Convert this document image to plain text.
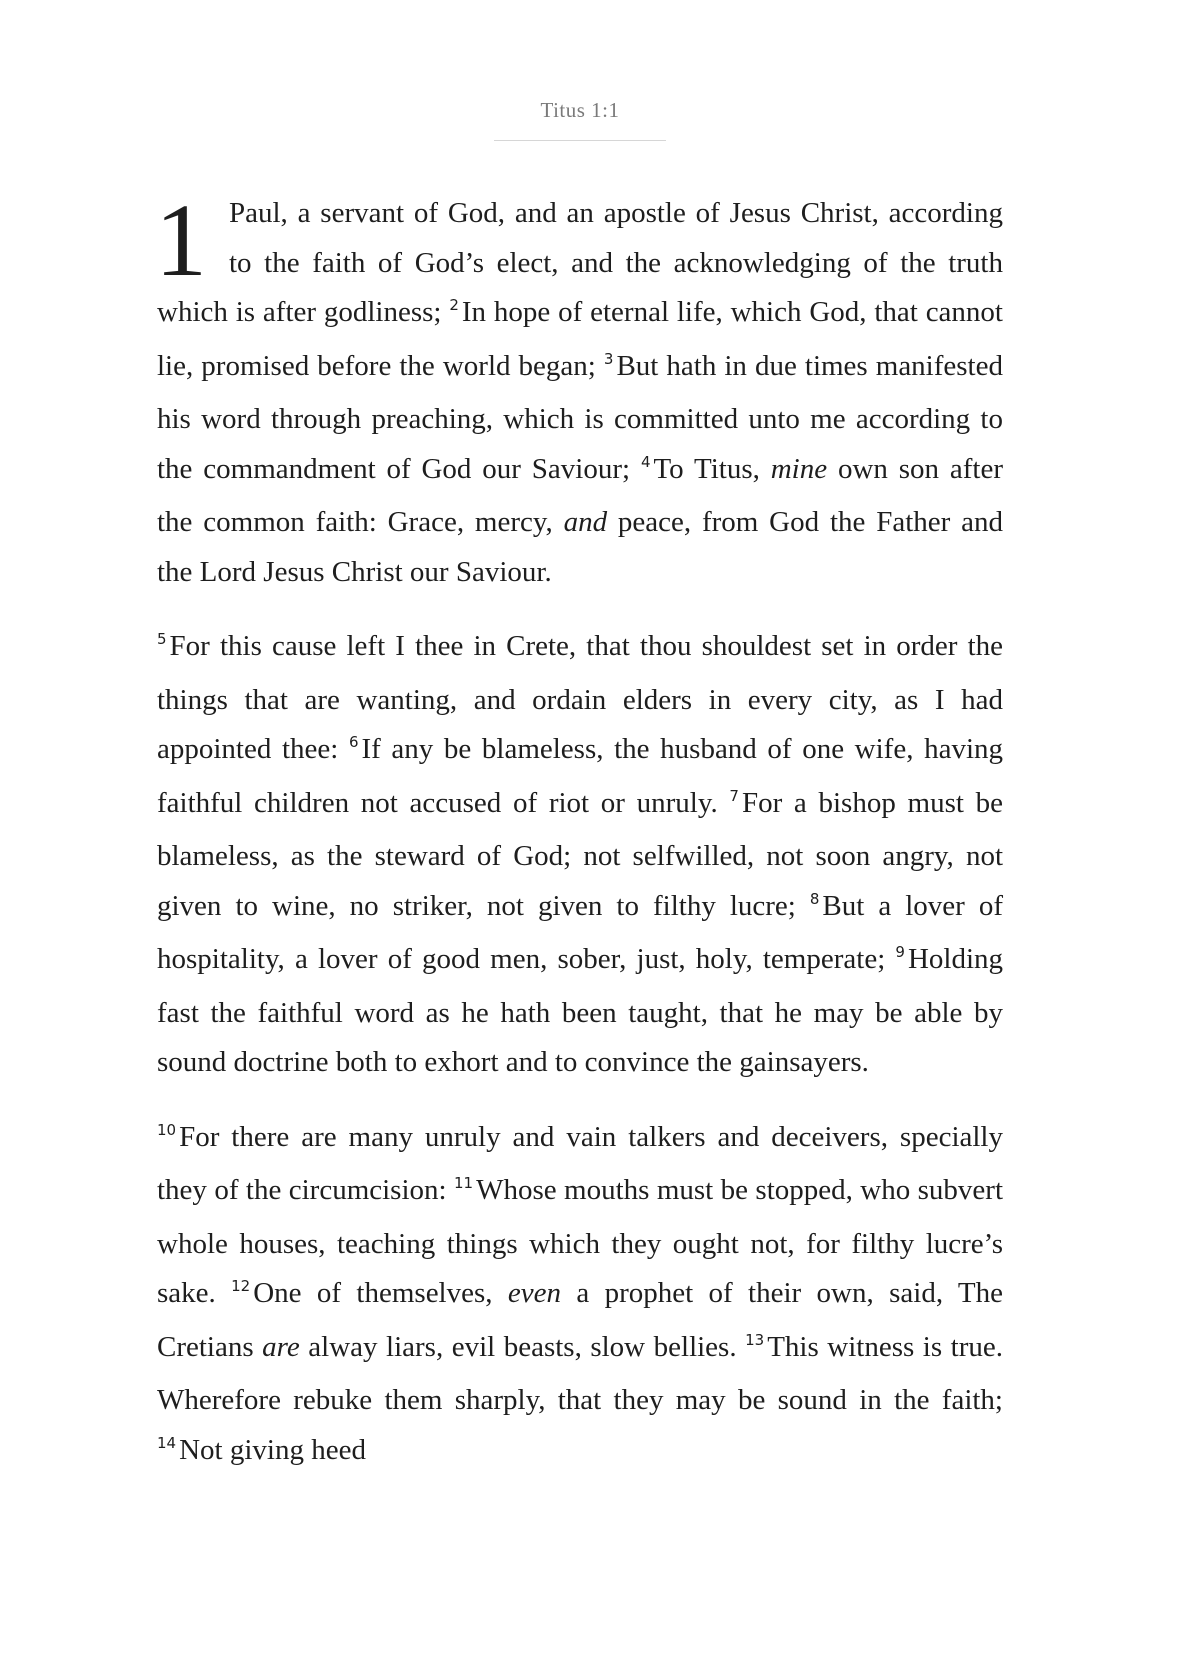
Titus 1:1

1 Paul, a servant of God, and an apostle of Jesus Christ, according to the faith of God’s elect, and the acknowledging of the truth which is after godliness; $^2$ In hope of eternal life, which God, that cannot lie, promised before the world began; $^3$ But hath in due times manifested his word through preaching, which is committed unto me according to the commandment of God our Saviour; $^4$ To Titus, mine own son after the common faith: Grace, mercy, and peace, from God the Father and the Lord Jesus Christ our Saviour.

$^5$ For this cause left I thee in Crete, that thou shouldest set in order the things that are wanting, and ordain elders in every city, as I had appointed thee: $^6$ If any be blameless, the husband of one wife, having faithful children not accused of riot or unruly. $^7$ For a bishop must be blameless, as the steward of God; not selfwilled, not soon angry, not given to wine, no striker, not given to filthy lucre; $^8$ But a lover of hospitality, a lover of good men, sober, just, holy, temperate; $^9$ Holding fast the faithful word as he hath been taught, that he may be able by sound doctrine both to exhort and to convince the gainsayers.

$^{10}$ For there are many unruly and vain talkers and deceivers, specially they of the circumcision: $^{11}$ Whose mouths must be stopped, who subvert whole houses, teaching things which they ought not, for filthy lucre’s sake. $^{12}$ One of themselves, even a prophet of their own, said, The Cretians are alway liars, evil beasts, slow bellies. $^{13}$ This witness is true. Wherefore rebuke them sharply, that they may be sound in the faith; $^{14}$ Not giving heed
